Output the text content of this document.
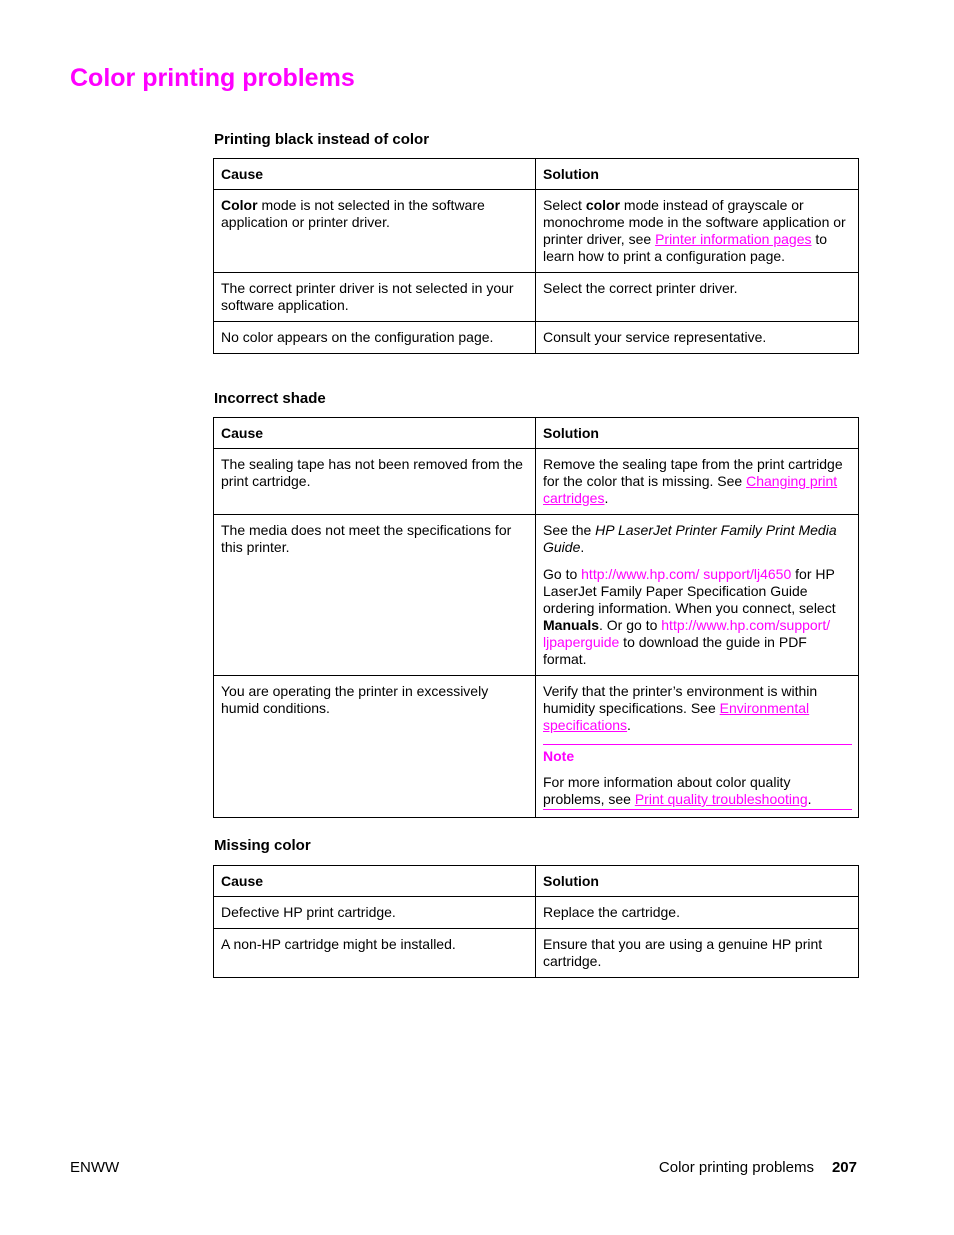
Color printing problems
Printing black instead of color
Cause	Solution
Color mode is not selected in the software application or printer driver.	Select color mode instead of grayscale or monochrome mode in the software application or printer driver, see Printer information pages to learn how to print a configuration page.
The correct printer driver is not selected in your software application.	Select the correct printer driver.
No color appears on the configuration page.	Consult your service representative.
Incorrect shade
Cause	Solution
The sealing tape has not been removed from the print cartridge.	Remove the sealing tape from the print cartridge for the color that is missing. See Changing print cartridges.
The media does not meet the specifications for this printer.	See the HP LaserJet Printer Family Print Media Guide.

Go to http://www.hp.com/ support/lj4650 for HP LaserJet Family Paper Specification Guide ordering information. When you connect, select Manuals. Or go to http://www.hp.com/support/ ljpaperguide to download the guide in PDF format.

You are operating the printer in excessively humid conditions.	Verify that the printer’s environment is within humidity specifications. See Environmental specifications.

Note

For more information about color quality problems, see Print quality troubleshooting.
Missing color
Cause	Solution
Defective HP print cartridge.	Replace the cartridge.
A non-HP cartridge might be installed.	Ensure that you are using a genuine HP print cartridge.
ENWW	Color printing problems 207
